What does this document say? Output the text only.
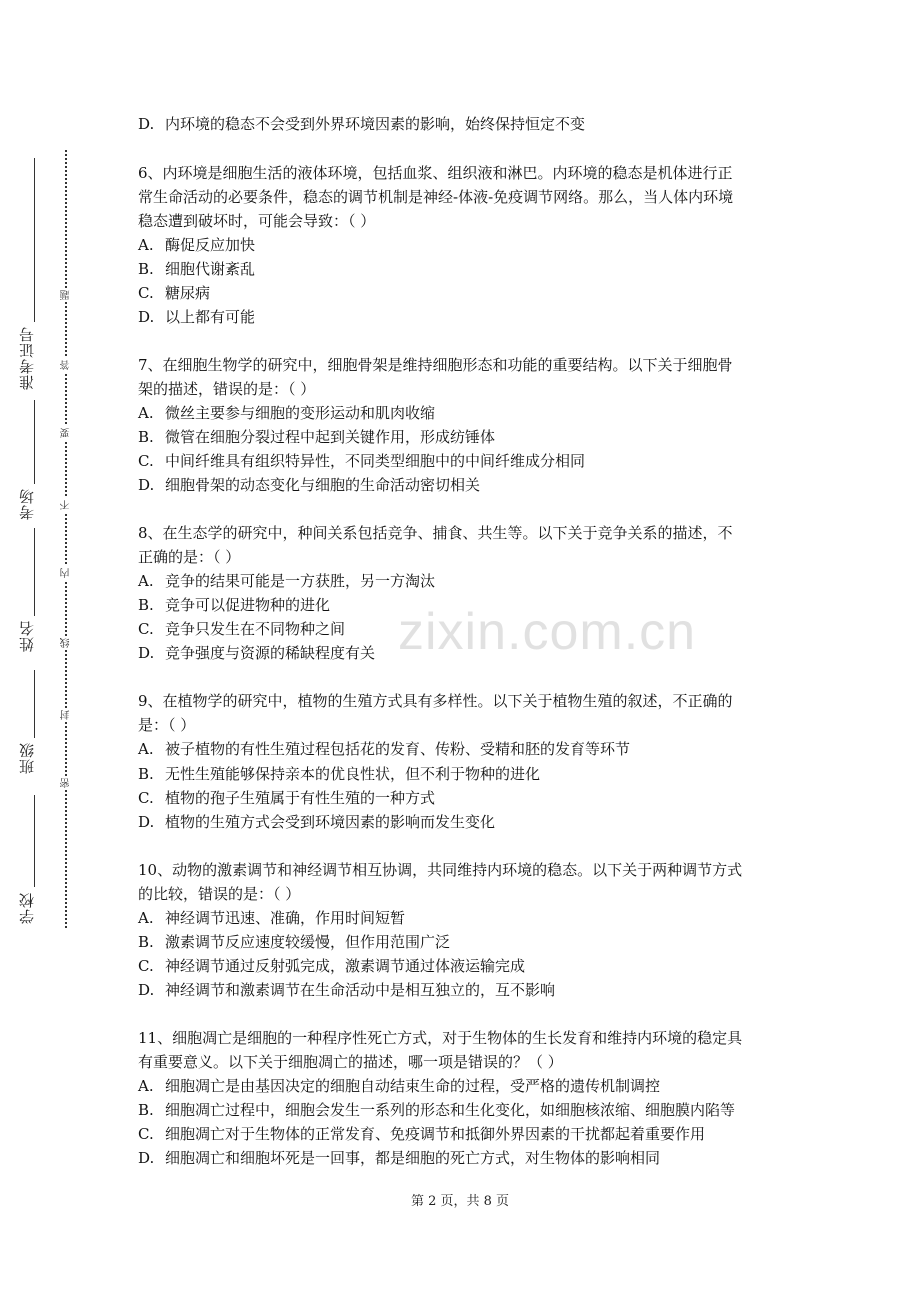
学校
班级
姓名
考场
准考证号
密
封
线
内
不
要
答
题
zixin.com.cn
D. 内环境的稳态不会受到外界环境因素的影响，始终保持恒定不变
6、内环境是细胞生活的液体环境，包括血浆、组织液和淋巴。内环境的稳态是机体进行正
常生命活动的必要条件，稳态的调节机制是神经-体液-免疫调节网络。那么，当人体内环境
稳态遭到破坏时，可能会导致：（ ）
A. 酶促反应加快
B. 细胞代谢紊乱
C. 糖尿病
D. 以上都有可能
7、在细胞生物学的研究中，细胞骨架是维持细胞形态和功能的重要结构。以下关于细胞骨
架的描述，错误的是：（ ）
A. 微丝主要参与细胞的变形运动和肌肉收缩
B. 微管在细胞分裂过程中起到关键作用，形成纺锤体
C. 中间纤维具有组织特异性，不同类型细胞中的中间纤维成分相同
D. 细胞骨架的动态变化与细胞的生命活动密切相关
8、在生态学的研究中，种间关系包括竞争、捕食、共生等。以下关于竞争关系的描述，不
正确的是：（ ）
A. 竞争的结果可能是一方获胜，另一方淘汰
B. 竞争可以促进物种的进化
C. 竞争只发生在不同物种之间
D. 竞争强度与资源的稀缺程度有关
9、在植物学的研究中，植物的生殖方式具有多样性。以下关于植物生殖的叙述，不正确的
是：（ ）
A. 被子植物的有性生殖过程包括花的发育、传粉、受精和胚的发育等环节
B. 无性生殖能够保持亲本的优良性状，但不利于物种的进化
C. 植物的孢子生殖属于有性生殖的一种方式
D. 植物的生殖方式会受到环境因素的影响而发生变化
10、动物的激素调节和神经调节相互协调，共同维持内环境的稳态。以下关于两种调节方式
的比较，错误的是：（ ）
A. 神经调节迅速、准确，作用时间短暂
B. 激素调节反应速度较缓慢，但作用范围广泛
C. 神经调节通过反射弧完成，激素调节通过体液运输完成
D. 神经调节和激素调节在生命活动中是相互独立的，互不影响
11、细胞凋亡是细胞的一种程序性死亡方式，对于生物体的生长发育和维持内环境的稳定具
有重要意义。以下关于细胞凋亡的描述，哪一项是错误的？（ ）
A. 细胞凋亡是由基因决定的细胞自动结束生命的过程，受严格的遗传机制调控
B. 细胞凋亡过程中，细胞会发生一系列的形态和生化变化，如细胞核浓缩、细胞膜内陷等
C. 细胞凋亡对于生物体的正常发育、免疫调节和抵御外界因素的干扰都起着重要作用
D. 细胞凋亡和细胞坏死是一回事，都是细胞的死亡方式，对生物体的影响相同
第 2 页，共 8 页
